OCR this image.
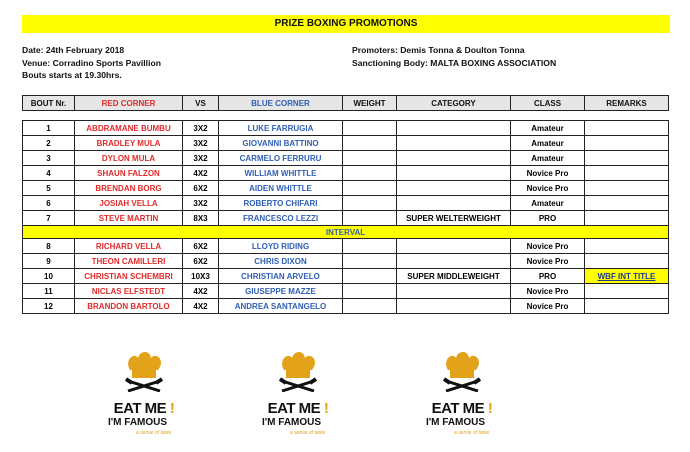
PRIZE BOXING PROMOTIONS
Date: 24th February 2018
Venue: Corradino Sports Pavillion
Bouts starts at 19.30hrs.
Promoters: Demis Tonna & Doulton Tonna
Sanctioning Body: MALTA BOXING ASSOCIATION
BOUT Nr.	RED CORNER	VS	BLUE CORNER	WEIGHT	CATEGORY	CLASS	REMARKS
1	ABDRAMANE BUMBU	3X2	LUKE FARRUGIA			Amateur	
2	BRADLEY MULA	3X2	GIOVANNI BATTINO			Amateur	
3	DYLON MULA	3X2	CARMELO FERRURU			Amateur	
4	SHAUN FALZON	4X2	WILLIAM WHITTLE			Novice Pro	
5	BRENDAN BORG	6X2	AIDEN WHITTLE			Novice Pro	
6	JOSIAH VELLA	3X2	ROBERTO CHIFARI			Amateur	
7	STEVE MARTIN	8X3	FRANCESCO LEZZI		SUPER WELTERWEIGHT	PRO	
INTERVAL							
8	RICHARD VELLA	6X2	LLOYD RIDING			Novice Pro	
9	THEON CAMILLERI	6X2	CHRIS DIXON			Novice Pro	
10	CHRISTIAN SCHEMBRI	10X3	CHRISTIAN ARVELO		SUPER MIDDLEWEIGHT	PRO	WBF INT TITLE
11	NICLAS ELFSTEDT	4X2	GIUSEPPE MAZZE			Novice Pro	
12	BRANDON BARTOLO	4X2	ANDREA SANTANGELO			Novice Pro	
EAT ME !
I'M FAMOUS
a sense of taste
EAT ME !
I'M FAMOUS
a sense of taste
EAT ME !
I'M FAMOUS
a sense of taste
